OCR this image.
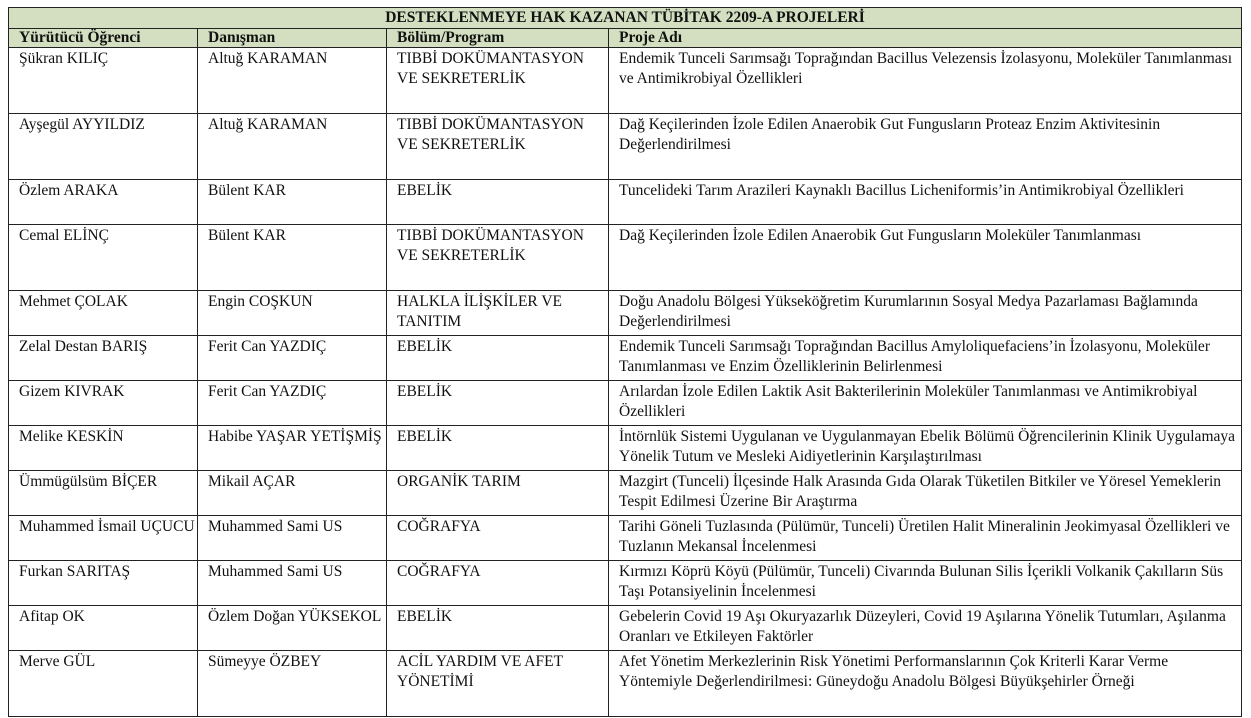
DESTEKLENMEYE HAK KAZANAN TÜBİTAK 2209-A PROJELERİ			
Yürütücü Öğrenci	Danışman	Bölüm/Program	Proje Adı
Şükran KILIÇ	Altuğ KARAMAN	TIBBİ DOKÜMANTASYON VE SEKRETERLİK	Endemik Tunceli Sarımsağı Toprağından Bacillus Velezensis İzolasyonu, Moleküler Tanımlanması ve Antimikrobiyal Özellikleri
Ayşegül AYYILDIZ	Altuğ KARAMAN	TIBBİ DOKÜMANTASYON VE SEKRETERLİK	Dağ Keçilerinden İzole Edilen Anaerobik Gut Fungusların Proteaz Enzim Aktivitesinin Değerlendirilmesi
Özlem ARAKA	Bülent KAR	EBELİK	Tuncelideki Tarım Arazileri Kaynaklı Bacillus Licheniformis’in Antimikrobiyal Özellikleri
Cemal ELİNÇ	Bülent KAR	TIBBİ DOKÜMANTASYON VE SEKRETERLİK	Dağ Keçilerinden İzole Edilen Anaerobik Gut Fungusların Moleküler Tanımlanması
Mehmet ÇOLAK	Engin COŞKUN	HALKLA İLİŞKİLER VE TANITIM	Doğu Anadolu Bölgesi Yükseköğretim Kurumlarının Sosyal Medya Pazarlaması Bağlamında Değerlendirilmesi
Zelal Destan BARIŞ	Ferit Can YAZDIÇ	EBELİK	Endemik Tunceli Sarımsağı Toprağından Bacillus Amyloliquefaciens’in İzolasyonu, Moleküler Tanımlanması ve Enzim Özelliklerinin Belirlenmesi
Gizem KIVRAK	Ferit Can YAZDIÇ	EBELİK	Arılardan İzole Edilen Laktik Asit Bakterilerinin Moleküler Tanımlanması ve Antimikrobiyal Özellikleri
Melike KESKİN	Habibe YAŞAR YETİŞMİŞ	EBELİK	İntörnlük Sistemi Uygulanan ve Uygulanmayan Ebelik Bölümü Öğrencilerinin Klinik Uygulamaya Yönelik Tutum ve Mesleki Aidiyetlerinin Karşılaştırılması
Ümmügülsüm BİÇER	Mikail AÇAR	ORGANİK TARIM	Mazgirt (Tunceli) İlçesinde Halk Arasında Gıda Olarak Tüketilen Bitkiler ve Yöresel Yemeklerin Tespit Edilmesi Üzerine Bir Araştırma
Muhammed İsmail UÇUCU	Muhammed Sami US	COĞRAFYA	Tarihi Göneli Tuzlasında (Pülümür, Tunceli) Üretilen Halit Mineralinin Jeokimyasal Özellikleri ve Tuzlanın Mekansal İncelenmesi
Furkan SARITAŞ	Muhammed Sami US	COĞRAFYA	Kırmızı Köprü Köyü (Pülümür, Tunceli) Civarında Bulunan Silis İçerikli Volkanik Çakılların Süs Taşı Potansiyelinin İncelenmesi
Afitap OK	Özlem Doğan YÜKSEKOL	EBELİK	Gebelerin Covid 19 Aşı Okuryazarlık Düzeyleri, Covid 19 Aşılarına Yönelik Tutumları, Aşılanma Oranları ve Etkileyen Faktörler
Merve GÜL	Sümeyye ÖZBEY	ACİL YARDIM VE AFET YÖNETİMİ	Afet Yönetim Merkezlerinin Risk Yönetimi Performanslarının Çok Kriterli Karar Verme Yöntemiyle Değerlendirilmesi: Güneydoğu Anadolu Bölgesi Büyükşehirler Örneği
